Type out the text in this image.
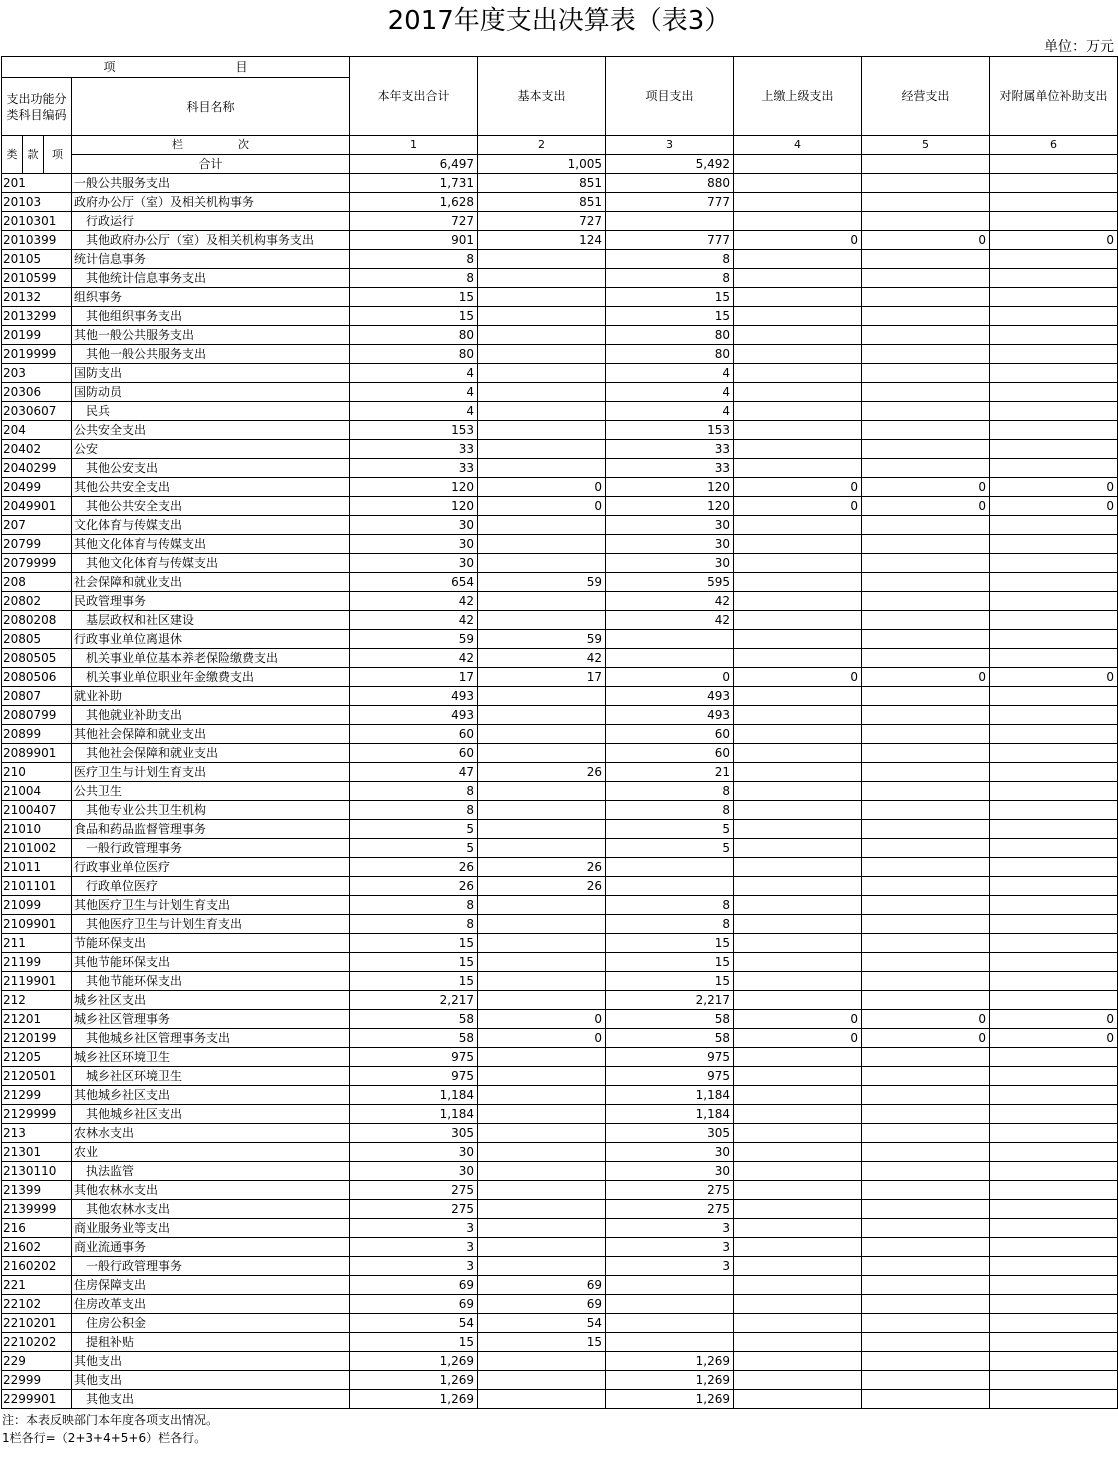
2017年度支出决算表（表3）
单位：万元
项　　　　　　　　　　目				本年支出合计	基本支出	项目支出	上缴上级支出	经营支出	对附属单位补助支出
支出功能分类科目编码			科目名称						
类	款	项	栏　　　　　次	1	2	3	4	5	6
			合计	6,497	1,005	5,492			
201			一般公共服务支出	1,731	851	880			
20103			政府办公厅（室）及相关机构事务	1,628	851	777			
2010301			行政运行	727	727				
2010399			其他政府办公厅（室）及相关机构事务支出	901	124	777	0	0	0
20105			统计信息事务	8		8			
2010599			其他统计信息事务支出	8		8			
20132			组织事务	15		15			
2013299			其他组织事务支出	15		15			
20199			其他一般公共服务支出	80		80			
2019999			其他一般公共服务支出	80		80			
203			国防支出	4		4			
20306			国防动员	4		4			
2030607			民兵	4		4			
204			公共安全支出	153		153			
20402			公安	33		33			
2040299			其他公安支出	33		33			
20499			其他公共安全支出	120	0	120	0	0	0
2049901			其他公共安全支出	120	0	120	0	0	0
207			文化体育与传媒支出	30		30			
20799			其他文化体育与传媒支出	30		30			
2079999			其他文化体育与传媒支出	30		30			
208			社会保障和就业支出	654	59	595			
20802			民政管理事务	42		42			
2080208			基层政权和社区建设	42		42			
20805			行政事业单位离退休	59	59				
2080505			机关事业单位基本养老保险缴费支出	42	42				
2080506			机关事业单位职业年金缴费支出	17	17	0	0	0	0
20807			就业补助	493		493			
2080799			其他就业补助支出	493		493			
20899			其他社会保障和就业支出	60		60			
2089901			其他社会保障和就业支出	60		60			
210			医疗卫生与计划生育支出	47	26	21			
21004			公共卫生	8		8			
2100407			其他专业公共卫生机构	8		8			
21010			食品和药品监督管理事务	5		5			
2101002			一般行政管理事务	5		5			
21011			行政事业单位医疗	26	26				
2101101			行政单位医疗	26	26				
21099			其他医疗卫生与计划生育支出	8		8			
2109901			其他医疗卫生与计划生育支出	8		8			
211			节能环保支出	15		15			
21199			其他节能环保支出	15		15			
2119901			其他节能环保支出	15		15			
212			城乡社区支出	2,217		2,217			
21201			城乡社区管理事务	58	0	58	0	0	0
2120199			其他城乡社区管理事务支出	58	0	58	0	0	0
21205			城乡社区环境卫生	975		975			
2120501			城乡社区环境卫生	975		975			
21299			其他城乡社区支出	1,184		1,184			
2129999			其他城乡社区支出	1,184		1,184			
213			农林水支出	305		305			
21301			农业	30		30			
2130110			执法监管	30		30			
21399			其他农林水支出	275		275			
2139999			其他农林水支出	275		275			
216			商业服务业等支出	3		3			
21602			商业流通事务	3		3			
2160202			一般行政管理事务	3		3			
221			住房保障支出	69	69				
22102			住房改革支出	69	69				
2210201			住房公积金	54	54				
2210202			提租补贴	15	15				
229			其他支出	1,269		1,269			
22999			其他支出	1,269		1,269			
2299901			其他支出	1,269		1,269			
注：本表反映部门本年度各项支出情况。
1栏各行=（2+3+4+5+6）栏各行。
